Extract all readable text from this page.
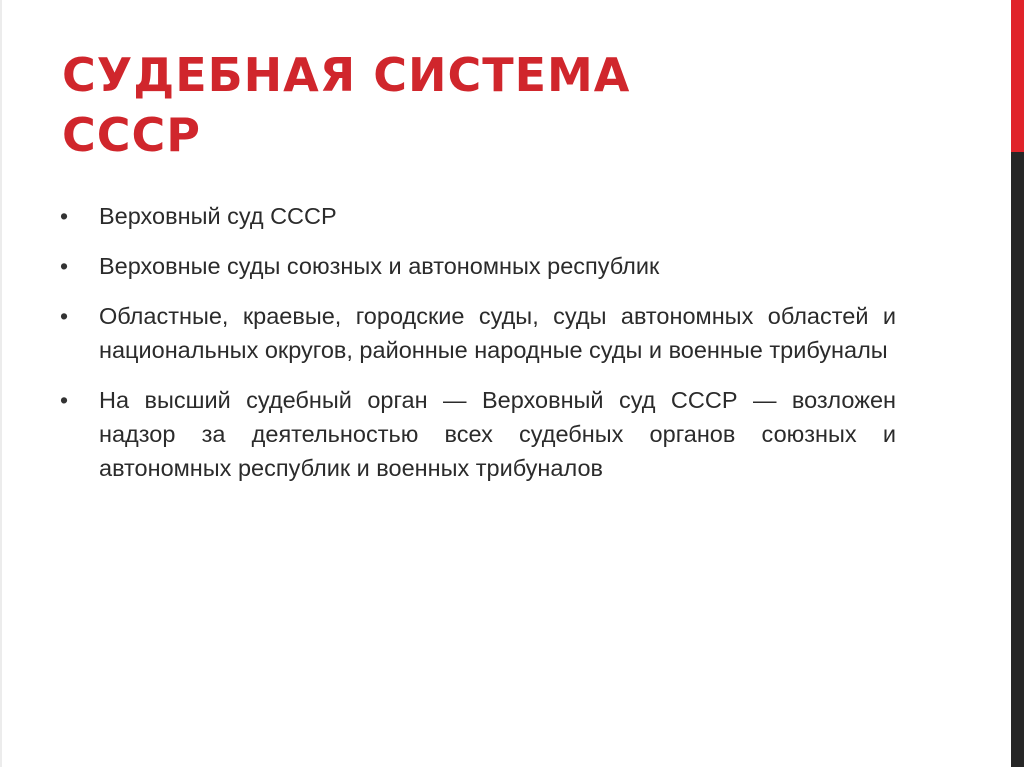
СУДЕБНАЯ СИСТЕМА
СССР
•	Верховный суд СССР
•	Верховные суды союзных и автономных республик
•	Областные, краевые, городские суды, суды автономных областей и национальных округов, районные народные суды и военные трибуналы
•	На высший судебный орган — Верховный суд СССР — возложен надзор за деятельностью всех судебных органов союзных и автономных республик и военных трибуналов
